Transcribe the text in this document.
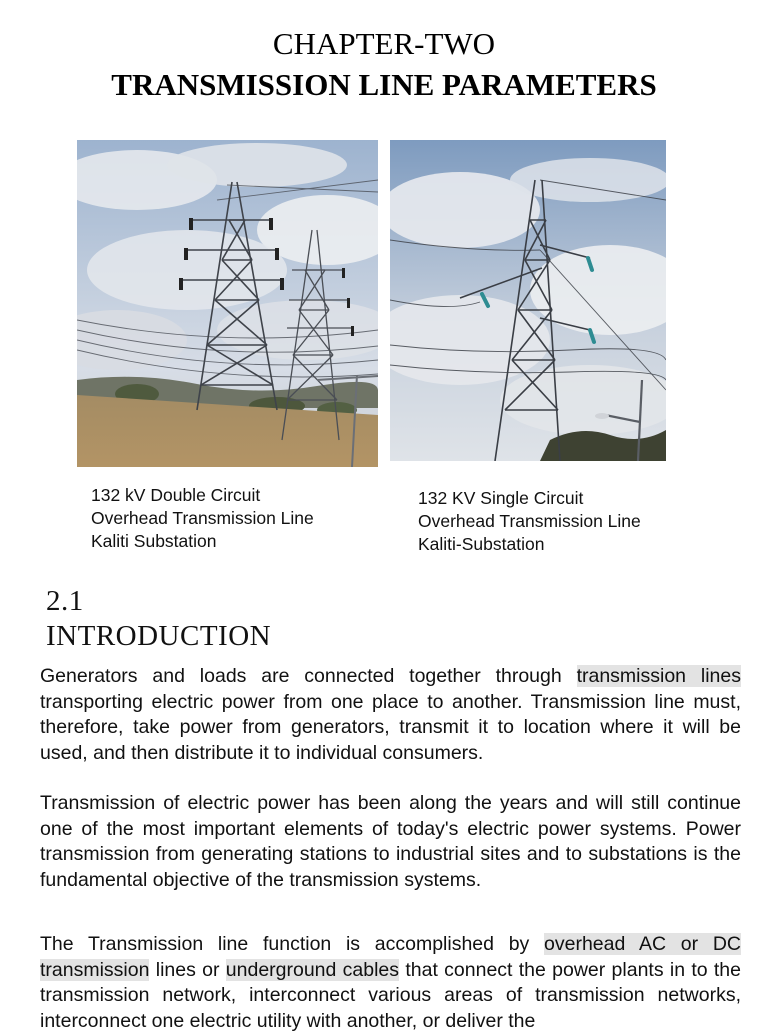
CHAPTER-TWO
TRANSMISSION LINE PARAMETERS
132 kV Double Circuit
Overhead Transmission Line
Kaliti Substation
132 KV Single Circuit
Overhead Transmission Line
Kaliti-Substation
2.1
INTRODUCTION

Generators and loads are connected together through transmission lines transporting electric power from one place to another. Transmission line must, therefore, take power from generators, transmit it to location where it will be used, and then distribute it to individual consumers.

Transmission of electric power has been along the years and will still continue one of the most important elements of today's electric power systems. Power transmission from generating stations to industrial sites and to substations is the fundamental objective of the transmission systems.

The Transmission line function is accomplished by overhead AC or DC transmission lines or underground cables that connect the power plants in to the transmission network, interconnect various areas of transmission networks, interconnect one electric utility with another, or deliver the
